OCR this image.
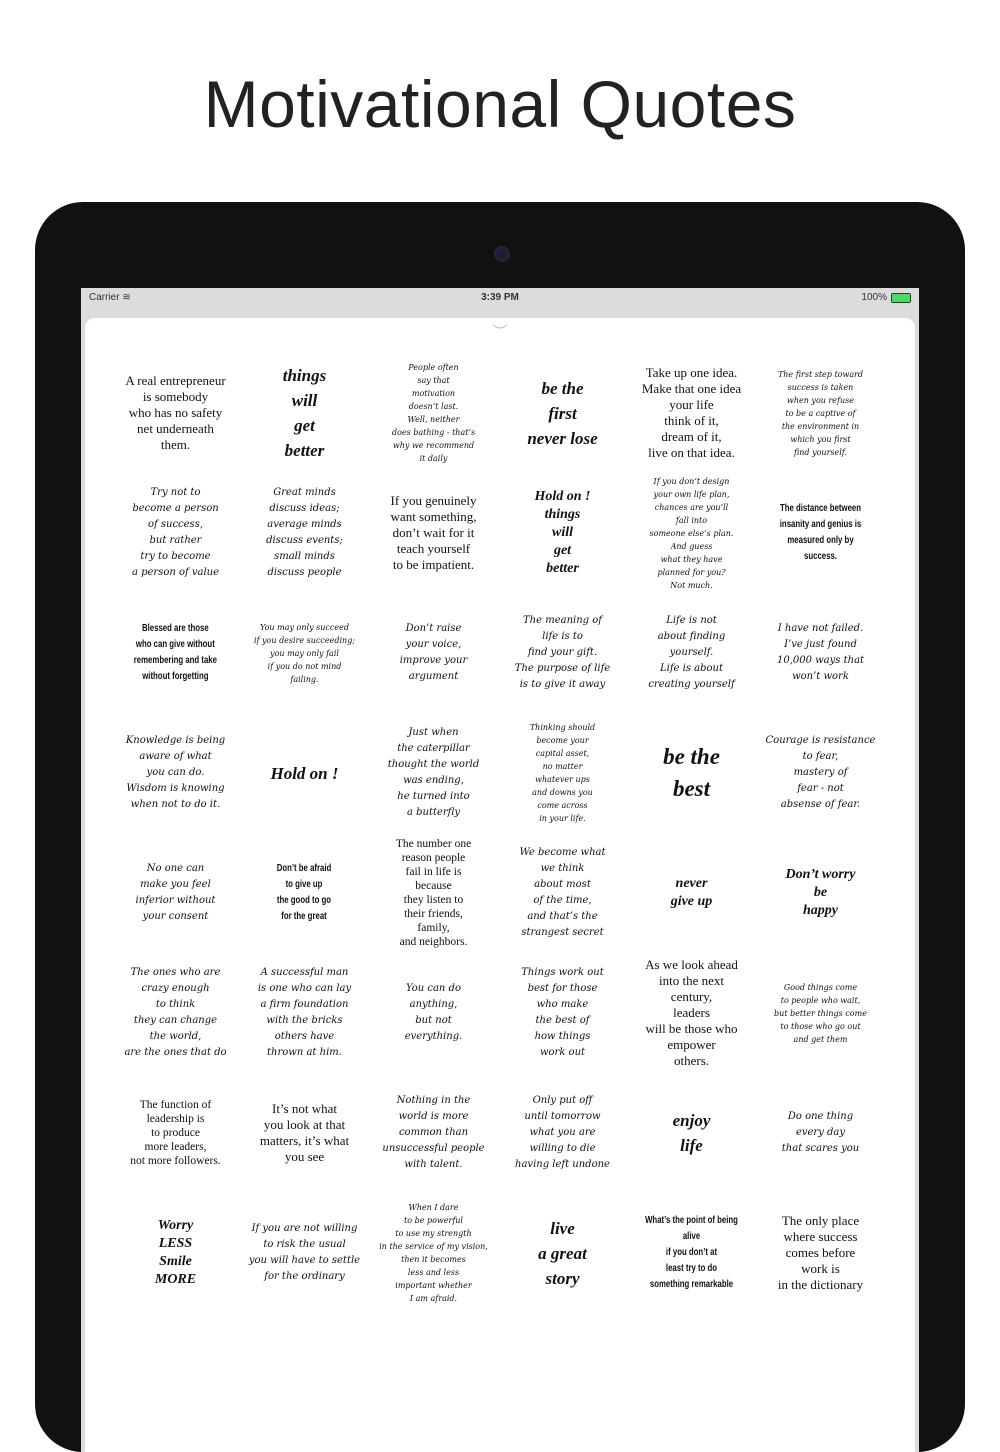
Motivational Quotes
Carrier ≋	3:39 PM	100%
︶
A real entrepreneur
is somebody
who has no safety
net underneath
them.
things
will
get
better
People often
say that
motivation
doesn’t last.
Well, neither
does bathing - that’s
why we recommend
it daily
be the
first
never lose
Take up one idea.
Make that one idea
your life
think of it,
dream of it,
live on that idea.
The first step toward
success is taken
when you refuse
to be a captive of
the environment in
which you first
find yourself.
Try not to
become a person
of success,
but rather
try to become
a person of value
Great minds
discuss ideas;
average minds
discuss events;
small minds
discuss people
If you genuinely
want something,
don’t wait for it
teach yourself
to be impatient.
Hold on !
things
will
get
better
If you don’t design
your own life plan,
chances are you’ll
fall into
someone else’s plan.
And guess
what they have
planned for you?
Not much.
The distance between
insanity and genius is
measured only by success.
Blessed are those
who can give without
remembering and take
without forgetting
You may only succeed
if you desire succeeding;
you may only fail
if you do not mind
failing.
Don’t raise
your voice,
improve your
argument
The meaning of
life is to
find your gift.
The purpose of life
is to give it away
Life is not
about finding
yourself.
Life is about
creating yourself
I have not failed.
I’ve just found
10,000 ways that
won’t work
Knowledge is being
aware of what
you can do.
Wisdom is knowing
when not to do it.
Hold on !
Just when
the caterpillar
thought the world
was ending,
he turned into
a butterfly
Thinking should
become your
capital asset,
no matter
whatever ups
and downs you
come across
in your life.
be the
best
Courage is resistance
to fear,
mastery of
fear - not
absense of fear.
No one can
make you feel
inferior without
your consent
Don’t be afraid
to give up
the good to go
for the great
The number one
reason people
fail in life is
because
they listen to
their friends,
family,
and neighbors.
We become what
we think
about most
of the time,
and that’s the
strangest secret
never
give up
Don’t worry
be
happy
The ones who are
crazy enough
to think
they can change
the world,
are the ones that do
A successful man
is one who can lay
a firm foundation
with the bricks
others have
thrown at him.
You can do
anything,
but not
everything.
Things work out
best for those
who make
the best of
how things
work out
As we look ahead
into the next
century,
leaders
will be those who
empower
others.
Good things come
to people who wait,
but better things come
to those who go out
and get them
The function of
leadership is
to produce
more leaders,
not more followers.
It’s not what
you look at that
matters, it’s what
you see
Nothing in the
world is more
common than
unsuccessful people
with talent.
Only put off
until tomorrow
what you are
willing to die
having left undone
enjoy
life
Do one thing
every day
that scares you
Worry
LESS
Smile
MORE
If you are not willing
to risk the usual
you will have to settle
for the ordinary
When I dare
to be powerful
to use my strength
in the service of my vision,
then it becomes
less and less
important whether
I am afraid.
live
a great
story
What’s the point of being alive
if you don’t at
least try to do
something remarkable
The only place
where success
comes before
work is
in the dictionary
